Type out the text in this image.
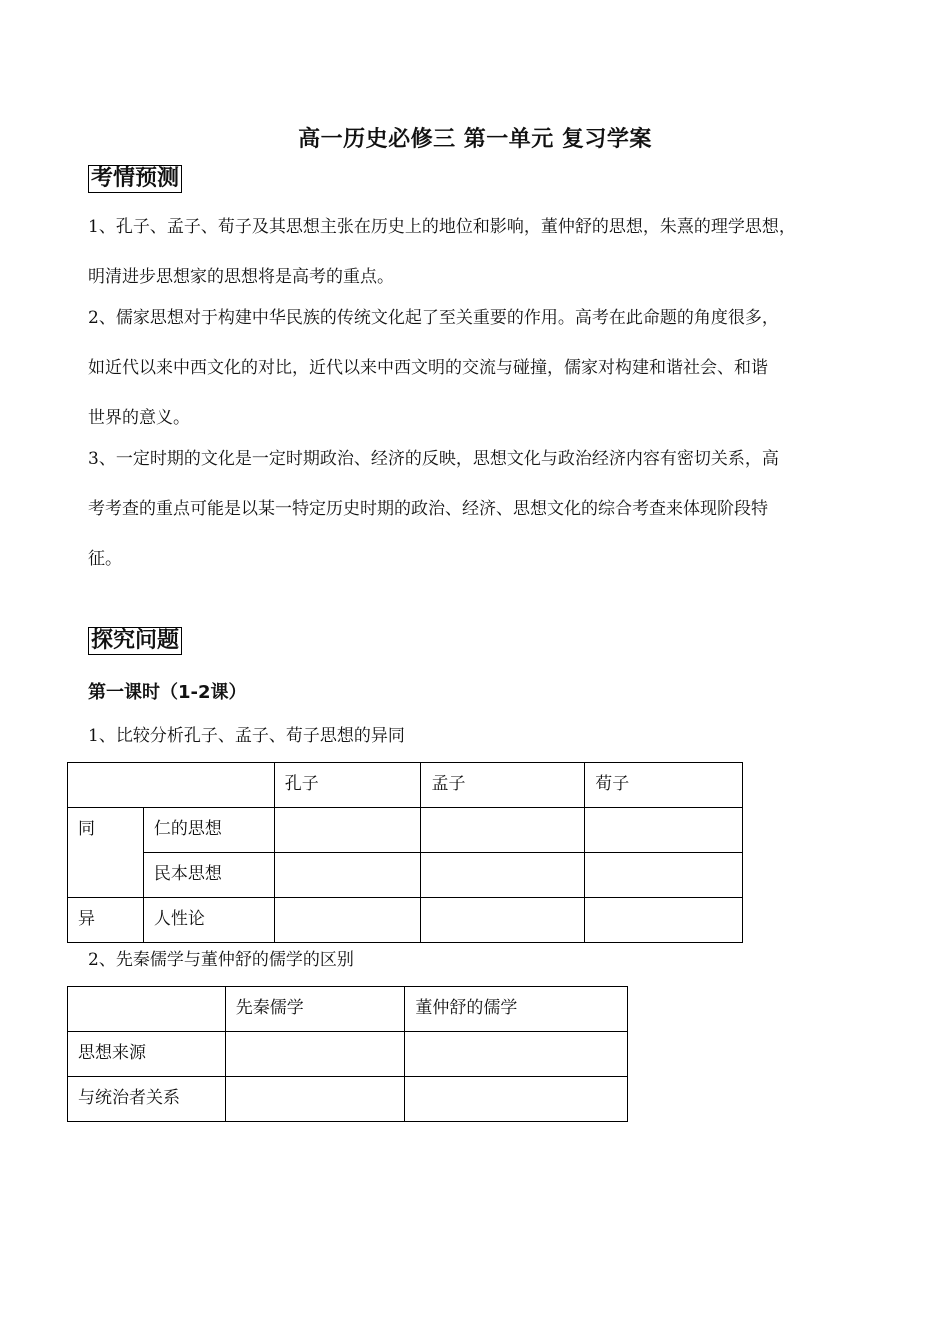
高一历史必修三 第一单元 复习学案
考情预测
1、孔子、孟子、荀子及其思想主张在历史上的地位和影响，董仲舒的思想，朱熹的理学思想，
明清进步思想家的思想将是高考的重点。
2、儒家思想对于构建中华民族的传统文化起了至关重要的作用。高考在此命题的角度很多，
如近代以来中西文化的对比，近代以来中西文明的交流与碰撞，儒家对构建和谐社会、和谐
世界的意义。
3、一定时期的文化是一定时期政治、经济的反映，思想文化与政治经济内容有密切关系，高
考考查的重点可能是以某一特定历史时期的政治、经济、思想文化的综合考查来体现阶段特
征。
探究问题
第一课时（1-2课）
1、比较分析孔子、孟子、荀子思想的异同
		孔子	孟子	荀子
同	仁的思想			
	民本思想			
异	人性论			
2、先秦儒学与董仲舒的儒学的区别
	先秦儒学	董仲舒的儒学
思想来源		
与统治者关系		
